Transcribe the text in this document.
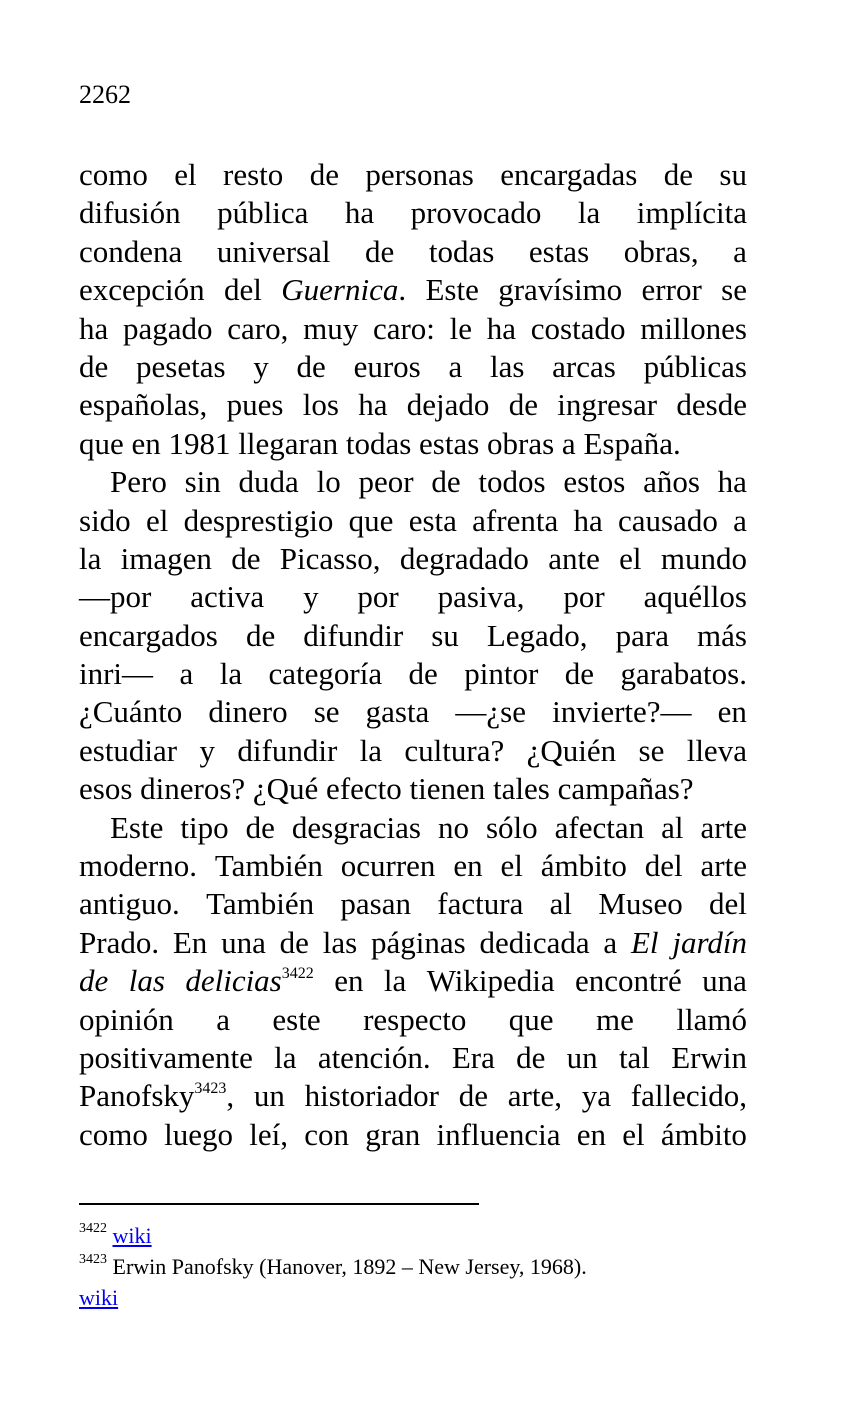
2262
como el resto de personas encargadas de su
difusión pública ha provocado la implícita
condena universal de todas estas obras, a
excepción del Guernica. Este gravísimo error se
ha pagado caro, muy caro: le ha costado millones
de pesetas y de euros a las arcas públicas
españolas, pues los ha dejado de ingresar desde
que en 1981 llegaran todas estas obras a España.
Pero sin duda lo peor de todos estos años ha
sido el desprestigio que esta afrenta ha causado a
la imagen de Picasso, degradado ante el mundo
—por activa y por pasiva, por aquéllos
encargados de difundir su Legado, para más
inri— a la categoría de pintor de garabatos.
¿Cuánto dinero se gasta —¿se invierte?— en
estudiar y difundir la cultura? ¿Quién se lleva
esos dineros? ¿Qué efecto tienen tales campañas?
Este tipo de desgracias no sólo afectan al arte
moderno. También ocurren en el ámbito del arte
antiguo. También pasan factura al Museo del
Prado. En una de las páginas dedicada a El jardín
de las delicias$^{3422}$ en la Wikipedia encontré una
opinión a este respecto que me llamó
positivamente la atención. Era de un tal Erwin
Panofsky$^{3423}$, un historiador de arte, ya fallecido,
como luego leí, con gran influencia en el ámbito
$^{3422}$ wiki
$^{3423}$ Erwin Panofsky (Hanover, 1892 – New Jersey, 1968).
wiki
